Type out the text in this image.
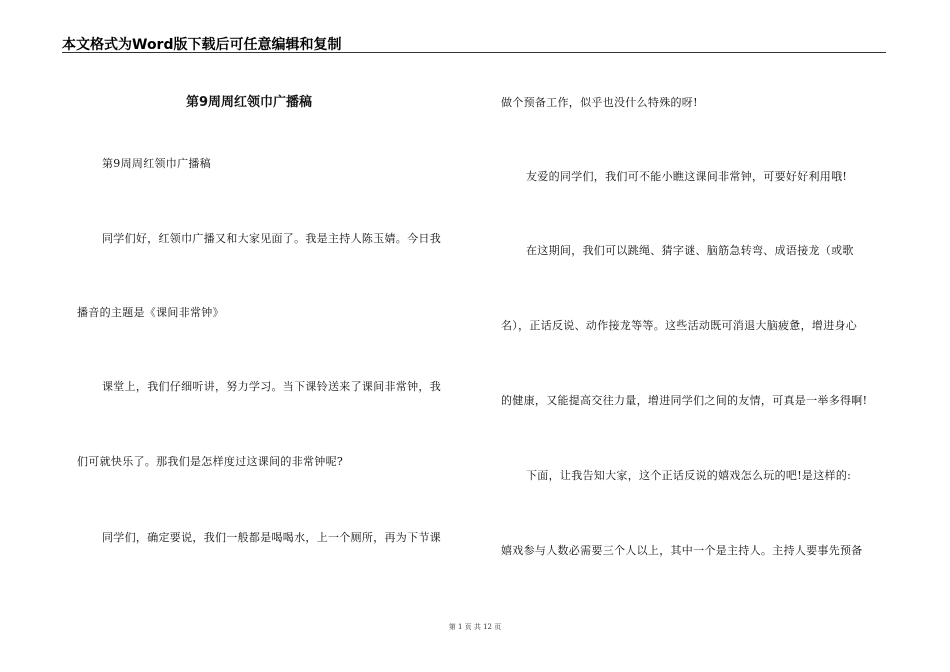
本文格式为Word版下载后可任意编辑和复制
第9周周红领巾广播稿
第9周周红领巾广播稿
同学们好，红领巾广播又和大家见面了。我是主持人陈玉婧。今日我
播音的主题是《课间非常钟》
课堂上，我们仔细听讲，努力学习。当下课铃送来了课间非常钟，我
们可就快乐了。那我们是怎样度过这课间的非常钟呢?
同学们，确定要说，我们一般都是喝喝水，上一个厕所，再为下节课
做个预备工作，似乎也没什么特殊的呀!
友爱的同学们，我们可不能小瞧这课间非常钟，可要好好利用哦!
在这期间，我们可以跳绳、猜字谜、脑筋急转弯、成语接龙（或歌
名），正话反说、动作接龙等等。这些活动既可消退大脑疲惫，增进身心
的健康，又能提高交往力量，增进同学们之间的友情，可真是一举多得啊!
下面，让我告知大家，这个正话反说的嬉戏怎么玩的吧!是这样的:
嬉戏参与人数必需要三个人以上，其中一个是主持人。主持人要事先预备
第 1 页 共 12 页
